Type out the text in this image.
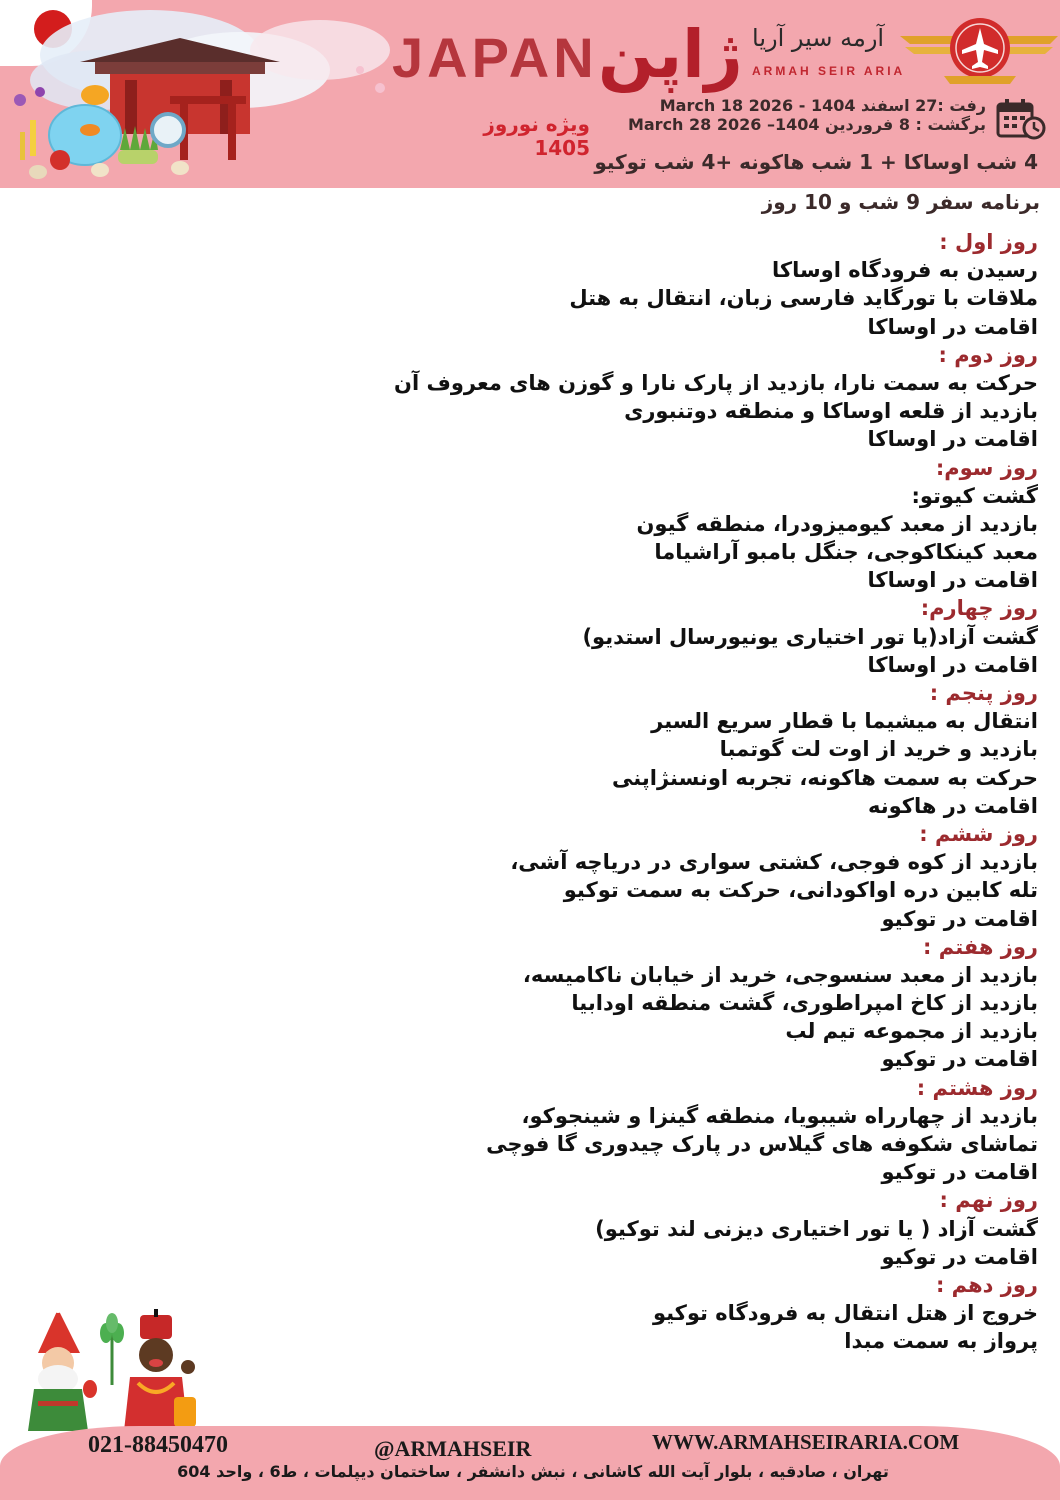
JAPAN ژاپن
ویژه نوروز 1405
آرمه سیر آریا
ARMAH SEIR ARIA
رفت :27 اسفند 1404 - March 18 2026
برگشت : 8 فروردین 1404– March 28 2026
4 شب اوساکا + 1 شب هاکونه +4 شب توکیو
برنامه سفر 9 شب و 10 روز
روز اول :
رسیدن به فرودگاه اوساکا
ملاقات با تورگاید فارسی زبان، انتقال به هتل
اقامت در اوساکا
روز دوم :
حرکت به سمت نارا، بازدید از پارک نارا و گوزن های معروف آن
بازدید از قلعه اوساکا و منطقه دوتنبوری
اقامت در اوساکا
روز سوم:
گشت کیوتو:
بازدید از معبد کیومیزودرا، منطقه گیون
معبد کینکاکوجی، جنگل بامبو آراشیاما
اقامت در اوساکا
روز چهارم:
گشت آزاد(یا تور اختیاری یونیورسال استدیو)
اقامت در اوساکا
روز پنجم :
انتقال به میشیما با قطار سریع السیر
بازدید و خرید از اوت لت گوتمبا
حرکت به سمت هاکونه، تجربه اونسنژاپنی
اقامت در هاکونه
روز ششم :
بازدید از کوه فوجی، کشتی سواری در دریاچه آشی،
تله کابین دره اواکودانی، حرکت به سمت توکیو
اقامت در توکیو
روز هفتم :
بازدید از معبد سنسوجی، خرید از خیابان ناکامیسه،
بازدید از کاخ امپراطوری، گشت منطقه اودابیا
بازدید از مجموعه تیم لب
اقامت در توکیو
روز هشتم :
بازدید از چهارراه شیبویا، منطقه گینزا و شینجوکو،
تماشای شکوفه های گیلاس در پارک چیدوری گا فوچی
اقامت در توکیو
روز نهم :
گشت آزاد ( یا تور اختیاری دیزنی لند توکیو)
اقامت در توکیو
روز دهم :
خروج از هتل انتقال به فرودگاه توکیو
پرواز به سمت مبدا
021-88450470	@ARMAHSEIR	WWW.ARMAHSEIRARIA.COM
تهران ، صادقیه ، بلوار آیت الله کاشانی ، نبش دانشفر ، ساختمان دیپلمات ، ط6 ، واحد 604
